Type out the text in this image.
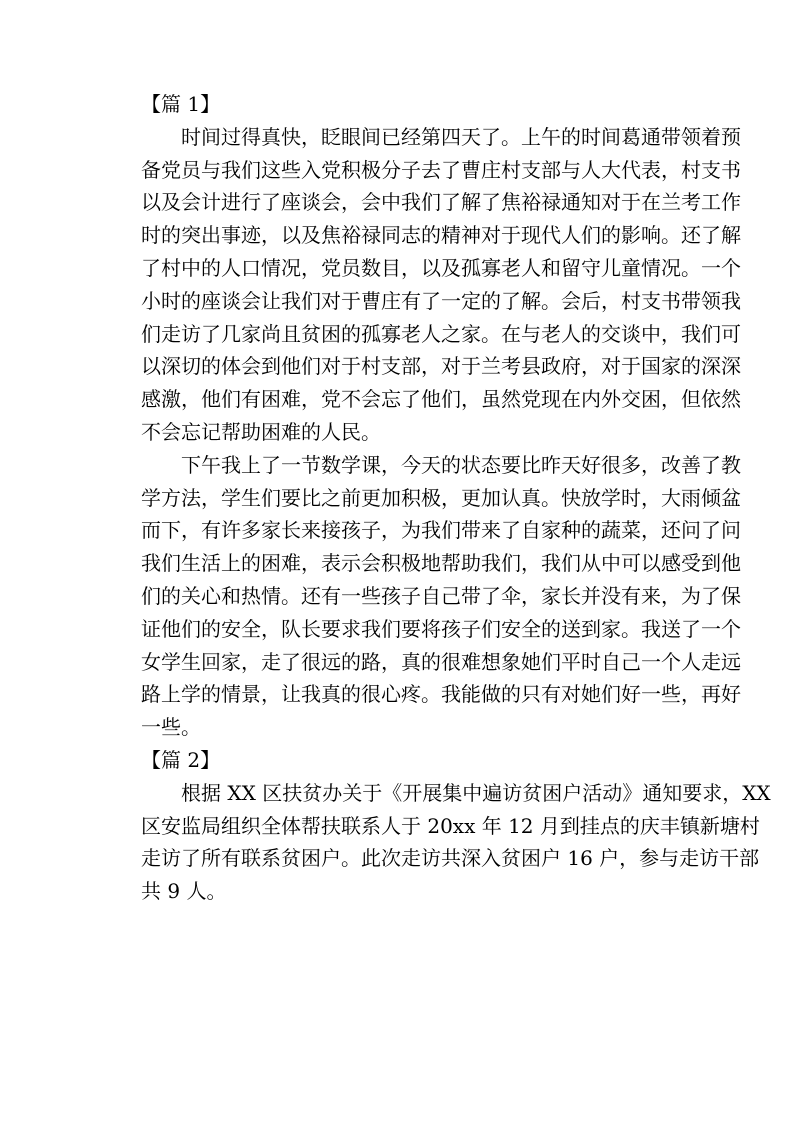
【篇 1】
时间过得真快，眨眼间已经第四天了。上午的时间葛通带领着预
备党员与我们这些入党积极分子去了曹庄村支部与人大代表，村支书
以及会计进行了座谈会，会中我们了解了焦裕禄通知对于在兰考工作
时的突出事迹，以及焦裕禄同志的精神对于现代人们的影响。还了解
了村中的人口情况，党员数目，以及孤寡老人和留守儿童情况。一个
小时的座谈会让我们对于曹庄有了一定的了解。会后，村支书带领我
们走访了几家尚且贫困的孤寡老人之家。在与老人的交谈中，我们可
以深切的体会到他们对于村支部，对于兰考县政府，对于国家的深深
感激，他们有困难，党不会忘了他们，虽然党现在内外交困，但依然
不会忘记帮助困难的人民。
下午我上了一节数学课，今天的状态要比昨天好很多，改善了教
学方法，学生们要比之前更加积极，更加认真。快放学时，大雨倾盆
而下，有许多家长来接孩子，为我们带来了自家种的蔬菜，还问了问
我们生活上的困难，表示会积极地帮助我们，我们从中可以感受到他
们的关心和热情。还有一些孩子自己带了伞，家长并没有来，为了保
证他们的安全，队长要求我们要将孩子们安全的送到家。我送了一个
女学生回家，走了很远的路，真的很难想象她们平时自己一个人走远
路上学的情景，让我真的很心疼。我能做的只有对她们好一些，再好
一些。
【篇 2】
根据 XX 区扶贫办关于《开展集中遍访贫困户活动》通知要求，XX
区安监局组织全体帮扶联系人于 20xx 年 12 月到挂点的庆丰镇新塘村
走访了所有联系贫困户。此次走访共深入贫困户 16 户，参与走访干部
共 9 人。
